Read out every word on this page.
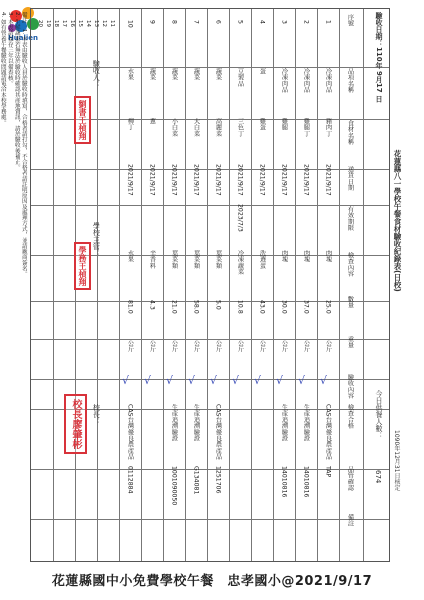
Hualien	驗收日期：110年 9月17 日
花蓮縣八一學校午餐食材驗收紀錄表(日校)
今日供餐人數：
674 1090年12月31日核定
序號
品項名稱
食材名稱
送貨日期
有效期限
檢查內容
數量
重量
驗收內容
檢查合格
品管確認
備註
1
冷凍肉品
豬肉丁
2021/9/17
肉塊
25.0
公斤
√
CAS台灣優良農產品
TAP
2
冷凍肉品
雞腿丁
2021/9/17
肉塊
37.0
公斤
√
生產追溯驗證
14010816
3
冷凍肉品
雞腿
2021/9/17
肉塊
30.0
公斤
√
生產追溯驗證
14010816
4
蛋
雞蛋
2021/9/17
洗選蛋
43.0
公斤
√
5
豆製品
三色丁
2021/9/17
2023/7/3
冷凍蔬菜
10.8
公斤
√
6
蔬菜
高麗菜
2021/9/17
葉菜類
5.0
公斤
√
CAS台灣優良農產品
1251706
7
蔬菜
大白菜
2021/9/17
葉菜類
58.0
公斤
√
生產追溯驗證
G134081
8
蔬菜
小白菜
2021/9/17
葉菜類
21.0
公斤
√
生產追溯驗證
1001090050
9
蔬菜
蔥
2021/9/17
辛香料
4.3
公斤
√
10
水果
柳丁
2021/9/17
水果
81.0
公斤
√
CAS台灣優良農產品
0112884
11
12
13
14
15
16
17
18
19
20
備註：1. 本表由驗收人員於驗收時填寫，合格者請打勾，不合格者請註明原因及處理方式，並請廠商簽名。
2. 生鮮蔬果若無法於驗收時確認其產地資訊，請於驗收後補正。
3. 本表請保存三年以備查核。
4. 如有營養午餐驗收問題請電洽本校學務處。	驗收人：
學校主管：
校長：
劉書王楨翔
學務王楨翔
校長廖肇彬
花蓮縣國中小免費學校午餐　忠孝國小@2021/9/17
